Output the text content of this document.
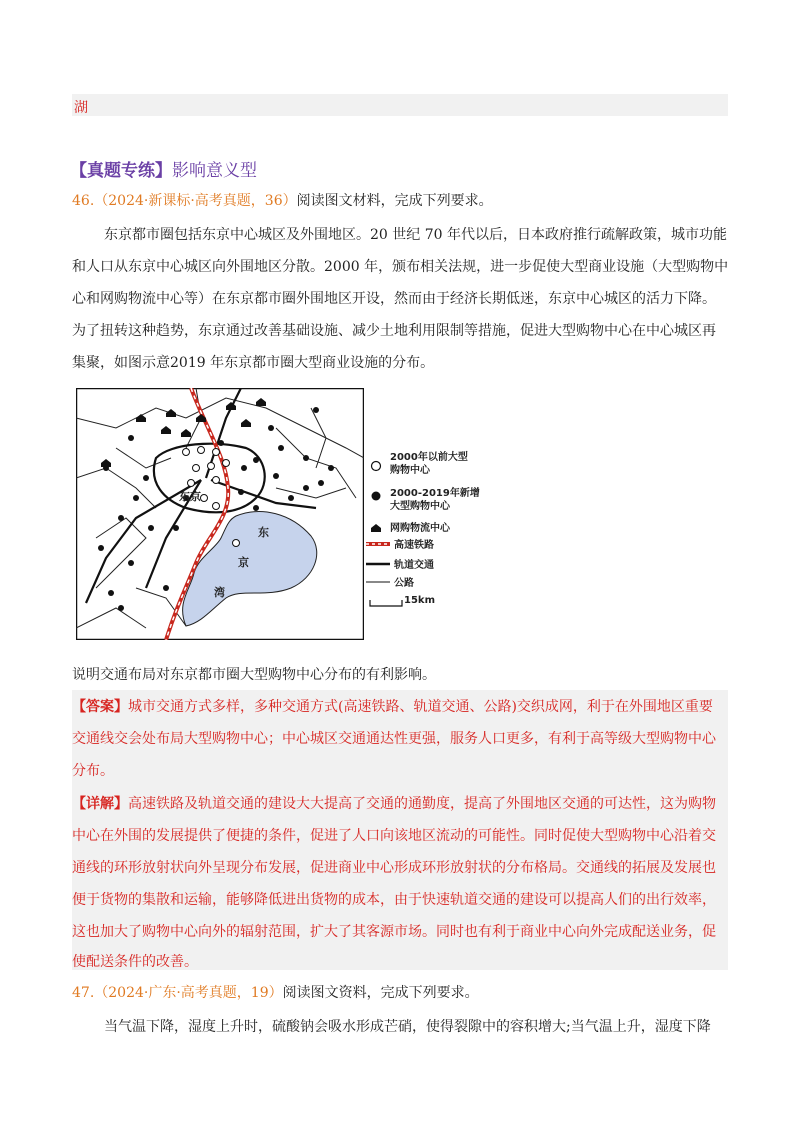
湖
【真题专练】影响意义型
46.（2024·新课标·高考真题，36）阅读图文材料，完成下列要求。
东京都市圈包括东京中心城区及外围地区。20 世纪 70 年代以后，日本政府推行疏解政策，城市功能
和人口从东京中心城区向外围地区分散。2000 年，颁布相关法规，进一步促使大型商业设施（大型购物中
心和网购物流中心等）在东京都市圈外围地区开设，然而由于经济长期低迷，东京中心城区的活力下降。
为了扭转这种趋势，东京通过改善基础设施、减少土地利用限制等措施，促进大型购物中心在中心城区再
集聚，如图示意2019 年东京都市圈大型商业设施的分布。
东京
东
京
湾
2000年以前大型
购物中心
2000-2019年新增
大型购物中心
网购物流中心
高速铁路
轨道交通
公路
15km
说明交通布局对东京都市圈大型购物中心分布的有利影响。
【答案】城市交通方式多样，多种交通方式(高速铁路、轨道交通、公路)交织成网，利于在外围地区重要
交通线交会处布局大型购物中心；中心城区交通通达性更强，服务人口更多，有利于高等级大型购物中心
分布。
【详解】高速铁路及轨道交通的建设大大提高了交通的通勤度，提高了外围地区交通的可达性，这为购物
中心在外围的发展提供了便捷的条件，促进了人口向该地区流动的可能性。同时促使大型购物中心沿着交
通线的环形放射状向外呈现分布发展，促进商业中心形成环形放射状的分布格局。交通线的拓展及发展也
便于货物的集散和运输，能够降低进出货物的成本，由于快速轨道交通的建设可以提高人们的出行效率，
这也加大了购物中心向外的辐射范围，扩大了其客源市场。同时也有利于商业中心向外完成配送业务，促
使配送条件的改善。
47.（2024·广东·高考真题，19）阅读图文资料，完成下列要求。
当气温下降，湿度上升时，硫酸钠会吸水形成芒硝，使得裂隙中的容积增大;当气温上升，湿度下降
